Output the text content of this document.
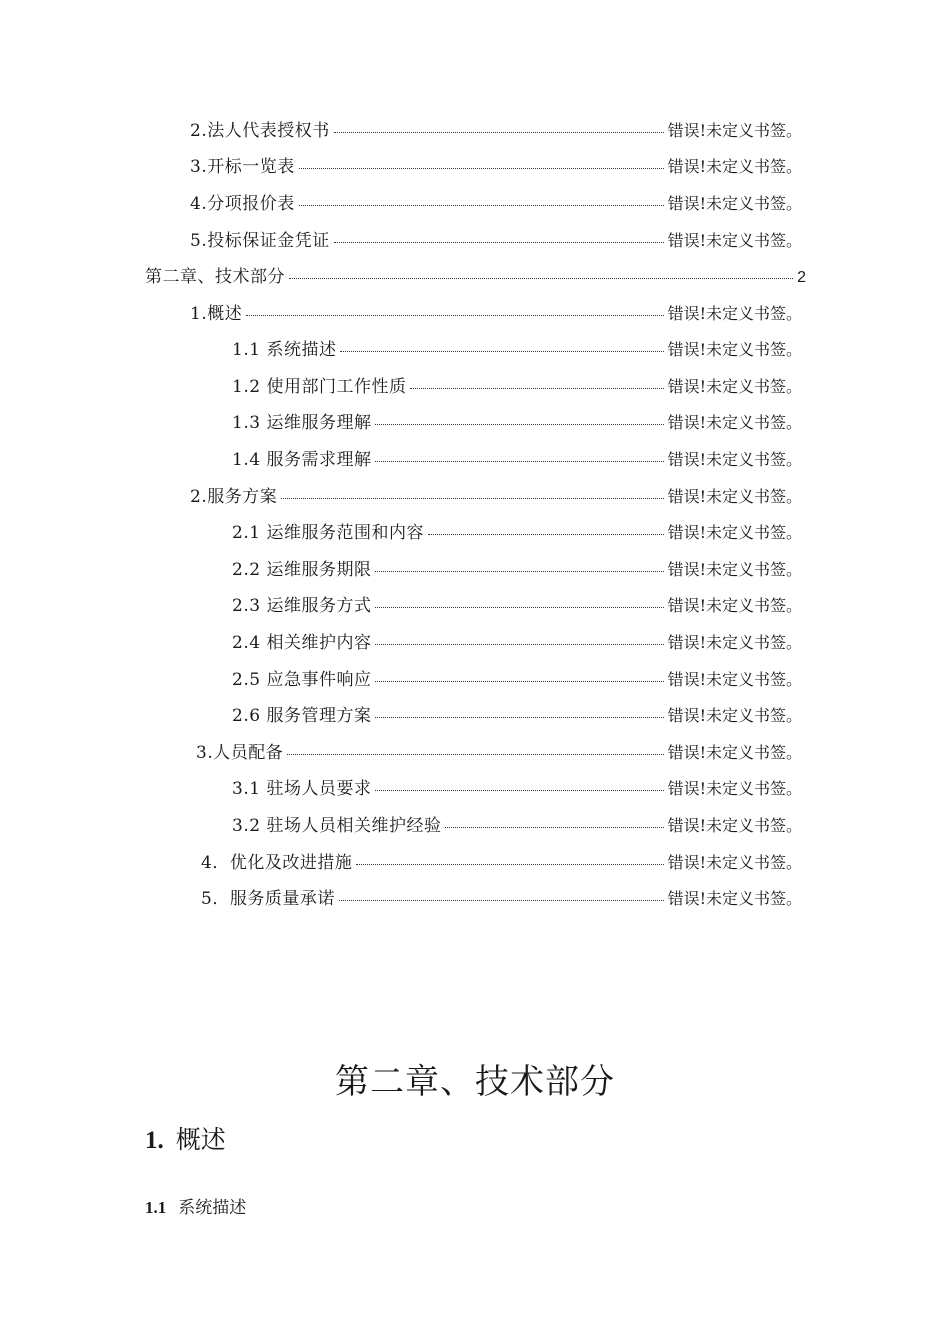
2.法人代表授权书	错误!未定义书签。
3.开标一览表	错误!未定义书签。
4.分项报价表	错误!未定义书签。
5.投标保证金凭证	错误!未定义书签。
第二章、技术部分	2
1.概述	错误!未定义书签。
1.1 系统描述	错误!未定义书签。
1.2 使用部门工作性质	错误!未定义书签。
1.3 运维服务理解	错误!未定义书签。
1.4 服务需求理解	错误!未定义书签。
2.服务方案	错误!未定义书签。
2.1 运维服务范围和内容	错误!未定义书签。
2.2 运维服务期限	错误!未定义书签。
2.3 运维服务方式	错误!未定义书签。
2.4 相关维护内容	错误!未定义书签。
2.5 应急事件响应	错误!未定义书签。
2.6 服务管理方案	错误!未定义书签。
3.人员配备	错误!未定义书签。
3.1 驻场人员要求	错误!未定义书签。
3.2 驻场人员相关维护经验	错误!未定义书签。
4．优化及改进措施	错误!未定义书签。
5．服务质量承诺	错误!未定义书签。
第二章、技术部分
1. 概述
1.1 系统描述
